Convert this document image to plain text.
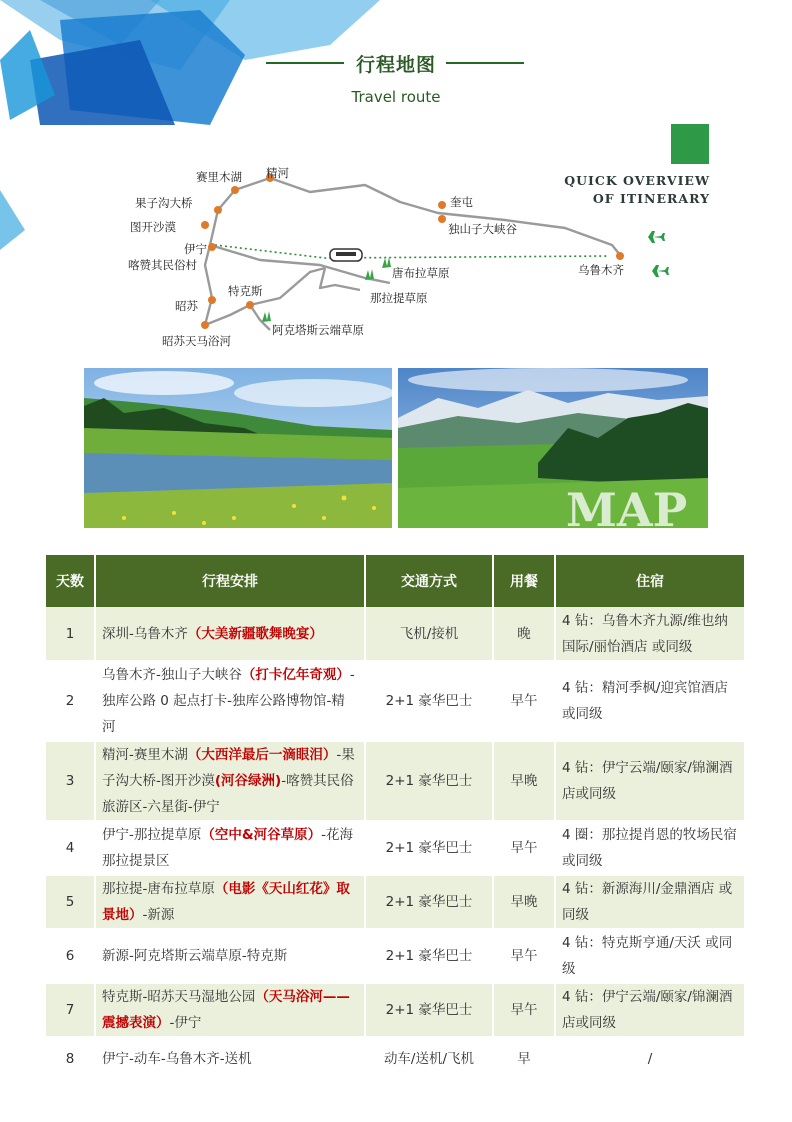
行程地图
Travel route
QUICK OVERVIEW
OF ITINERARY
赛里木湖 精河
果子沟大桥
图开沙漠
伊宁
喀赞其民俗村
昭苏
特克斯
昭苏天马浴河
阿克塔斯云端草原
奎屯
独山子大峡谷
唐布拉草原
那拉提草原
乌鲁木齐
MAP
天数	行程安排	交通方式	用餐	住宿
1	深圳-乌鲁木齐（大美新疆歌舞晚宴）	飞机/接机	晚	4 钻：乌鲁木齐九源/维也纳国际/丽怡酒店 或同级
2	乌鲁木齐-独山子大峡谷（打卡亿年奇观）-独库公路 0 起点打卡-独库公路博物馆-精河	2+1 豪华巴士	早午	4 钻：精河季枫/迎宾馆酒店 或同级
3	精河-赛里木湖（大西洋最后一滴眼泪）-果子沟大桥-图开沙漠(河谷绿洲)-喀赞其民俗旅游区-六星街-伊宁	2+1 豪华巴士	早晚	4 钻：伊宁云端/颐家/锦澜酒店或同级
4	伊宁-那拉提草原（空中&河谷草原）-花海那拉提景区	2+1 豪华巴士	早午	4 圈：那拉提肖恩的牧场民宿或同级
5	那拉提-唐布拉草原（电影《天山红花》取景地）-新源	2+1 豪华巴士	早晚	4 钻：新源海川/金鼎酒店 或同级
6	新源-阿克塔斯云端草原-特克斯	2+1 豪华巴士	早午	4 钻：特克斯亨通/天沃 或同级
7	特克斯-昭苏天马湿地公园（天马浴河——震撼表演）-伊宁	2+1 豪华巴士	早午	4 钻：伊宁云端/颐家/锦澜酒店或同级
8	伊宁-动车-乌鲁木齐-送机	动车/送机/飞机	早	/
